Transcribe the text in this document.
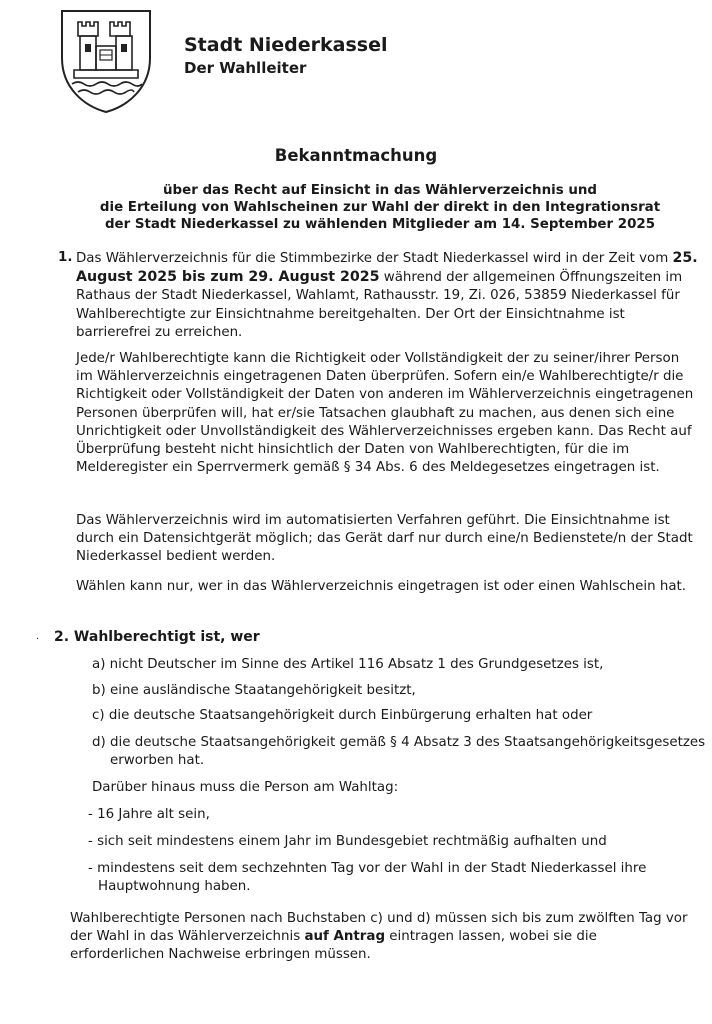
Stadt Niederkassel
Der Wahlleiter
Bekanntmachung
über das Recht auf Einsicht in das Wählerverzeichnis und
die Erteilung von Wahlscheinen zur Wahl der direkt in den Integrationsrat
der Stadt Niederkassel zu wählenden Mitglieder am 14. September 2025
1. Das Wählerverzeichnis für die Stimmbezirke der Stadt Niederkassel wird in der Zeit vom 25. August 2025 bis zum 29. August 2025 während der allgemeinen Öffnungszeiten im Rathaus der Stadt Niederkassel, Wahlamt, Rathausstr. 19, Zi. 026, 53859 Niederkassel für Wahlberechtigte zur Einsichtnahme bereitgehalten. Der Ort der Einsichtnahme ist barrierefrei zu erreichen.

Jede/r Wahlberechtigte kann die Richtigkeit oder Vollständigkeit der zu seiner/ihrer Person im Wählerverzeichnis eingetragenen Daten überprüfen. Sofern ein/e Wahlberechtigte/r die Richtigkeit oder Vollständigkeit der Daten von anderen im Wählerverzeichnis eingetragenen Personen überprüfen will, hat er/sie Tatsachen glaubhaft zu machen, aus denen sich eine Unrichtigkeit oder Unvollständigkeit des Wählerverzeichnisses ergeben kann. Das Recht auf Überprüfung besteht nicht hinsichtlich der Daten von Wahlberechtigten, für die im Melderegister ein Sperrvermerk gemäß § 34 Abs. 6 des Meldegesetzes eingetragen ist.

Das Wählerverzeichnis wird im automatisierten Verfahren geführt. Die Einsichtnahme ist durch ein Datensichtgerät möglich; das Gerät darf nur durch eine/n Bedienstete/n der Stadt Niederkassel bedient werden.

Wählen kann nur, wer in das Wählerverzeichnis eingetragen ist oder einen Wahlschein hat.

· 2. Wahlberechtigt ist, wer
a) nicht Deutscher im Sinne des Artikel 116 Absatz 1 des Grundgesetzes ist,
b) eine ausländische Staatangehörigkeit besitzt,
c) die deutsche Staatsangehörigkeit durch Einbürgerung erhalten hat oder
d) die deutsche Staatsangehörigkeit gemäß § 4 Absatz 3 des Staatsangehörigkeitsgesetzes erworben hat.
Darüber hinaus muss die Person am Wahltag:
- 16 Jahre alt sein,
- sich seit mindestens einem Jahr im Bundesgebiet rechtmäßig aufhalten und
- mindestens seit dem sechzehnten Tag vor der Wahl in der Stadt Niederkassel ihre Hauptwohnung haben.

Wahlberechtigte Personen nach Buchstaben c) und d) müssen sich bis zum zwölften Tag vor der Wahl in das Wählerverzeichnis auf Antrag eintragen lassen, wobei sie die erforderlichen Nachweise erbringen müssen.
